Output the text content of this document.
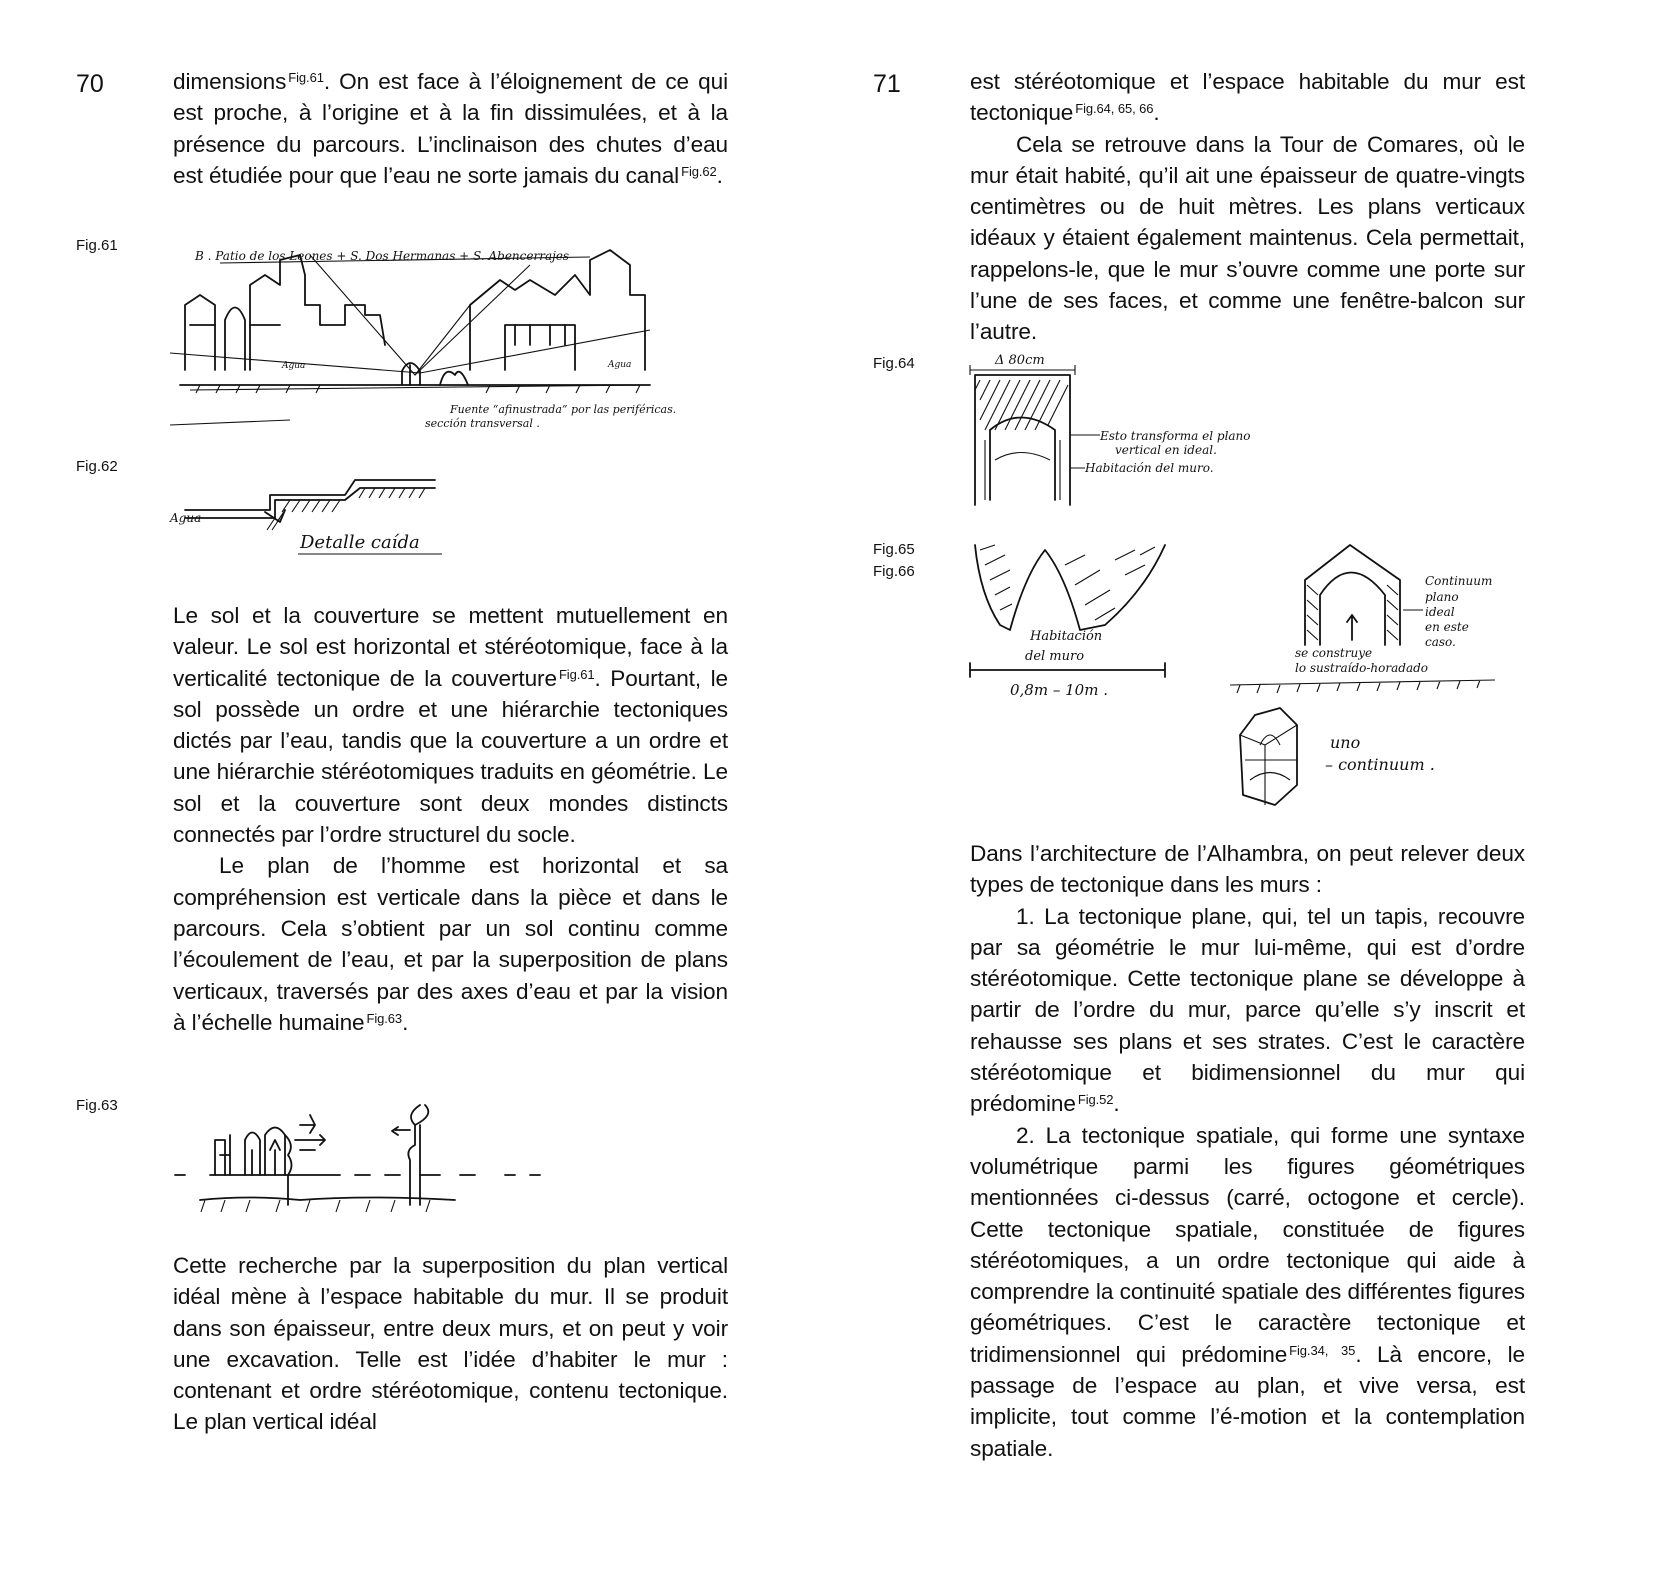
70	dimensions $^{Fig.61}$. On est face à l’éloignement de ce qui est proche, à l’origine et à la fin dissimulées, et à la présence du parcours. L’inclinaison des chutes d’eau est étudiée pour que l’eau ne sorte jamais du canal $^{Fig.62}$.

Fig.61
B . Patio de los Leones + S. Dos Hermanas + S. Abencerrajes
Agua	Agua
Fuente “afinustrada” por las periféricas.
sección transversal .
Fig.62
Agua
Detalle caída

Le sol et la couverture se mettent mutuellement en valeur. Le sol est horizontal et stéréotomique, face à la verticalité tectonique de la couverture $^{Fig.61}$. Pourtant, le sol possède un ordre et une hiérarchie tectoniques dictés par l’eau, tandis que la couverture a un ordre et une hiérarchie stéréotomiques traduits en géométrie. Le sol et la couverture sont deux mondes distincts connectés par l’ordre structurel du socle.

Le plan de l’homme est horizontal et sa compréhension est verticale dans la pièce et dans le parcours. Cela s’obtient par un sol continu comme l’écoulement de l’eau, et par la superposition de plans verticaux, traversés par des axes d’eau et par la vision à l’échelle humaine $^{Fig.63}$.

Fig.63

Cette recherche par la superposition du plan vertical idéal mène à l’espace habitable du mur. Il se produit dans son épaisseur, entre deux murs, et on peut y voir une excavation. Telle est l’idée d’habiter le mur : contenant et ordre stéréotomique, contenu tectonique. Le plan vertical idéal

71	est stéréotomique et l’espace habitable du mur est tectonique $^{Fig.64, 65, 66}$.

Cela se retrouve dans la Tour de Comares, où le mur était habité, qu’il ait une épaisseur de quatre-vingts centimètres ou de huit mètres. Les plans verticaux idéaux y étaient également maintenus. Cela permettait, rappelons-le, que le mur s’ouvre comme une porte sur l’une de ses faces, et comme une fenêtre-balcon sur l’autre.

Fig.64	Δ 80cm
Esto transforma el plano
vertical en ideal.
Habitación del muro.
Fig.65
Fig.66
Habitación
del muro
0,8m – 10m .
Continuum
plano
ideal
en este
caso.
se construye
lo sustraído-horadado
uno
– continuum .

Dans l’architecture de l’Alhambra, on peut relever deux types de tectonique dans les murs :

1. La tectonique plane, qui, tel un tapis, recouvre par sa géométrie le mur lui-même, qui est d’ordre stéréotomique. Cette tectonique plane se développe à partir de l’ordre du mur, parce qu’elle s’y inscrit et rehausse ses plans et ses strates. C’est le caractère stéréotomique et bidimensionnel du mur qui prédomine $^{Fig.52}$.

2. La tectonique spatiale, qui forme une syntaxe volumétrique parmi les figures géométriques mentionnées ci-dessus (carré, octogone et cercle). Cette tectonique spatiale, constituée de figures stéréotomiques, a un ordre tectonique qui aide à comprendre la continuité spatiale des différentes figures géométriques. C’est le caractère tectonique et tridimensionnel qui prédomine $^{Fig.34, 35}$. Là encore, le passage de l’espace au plan, et vive versa, est implicite, tout comme l’é-motion et la contemplation spatiale.
